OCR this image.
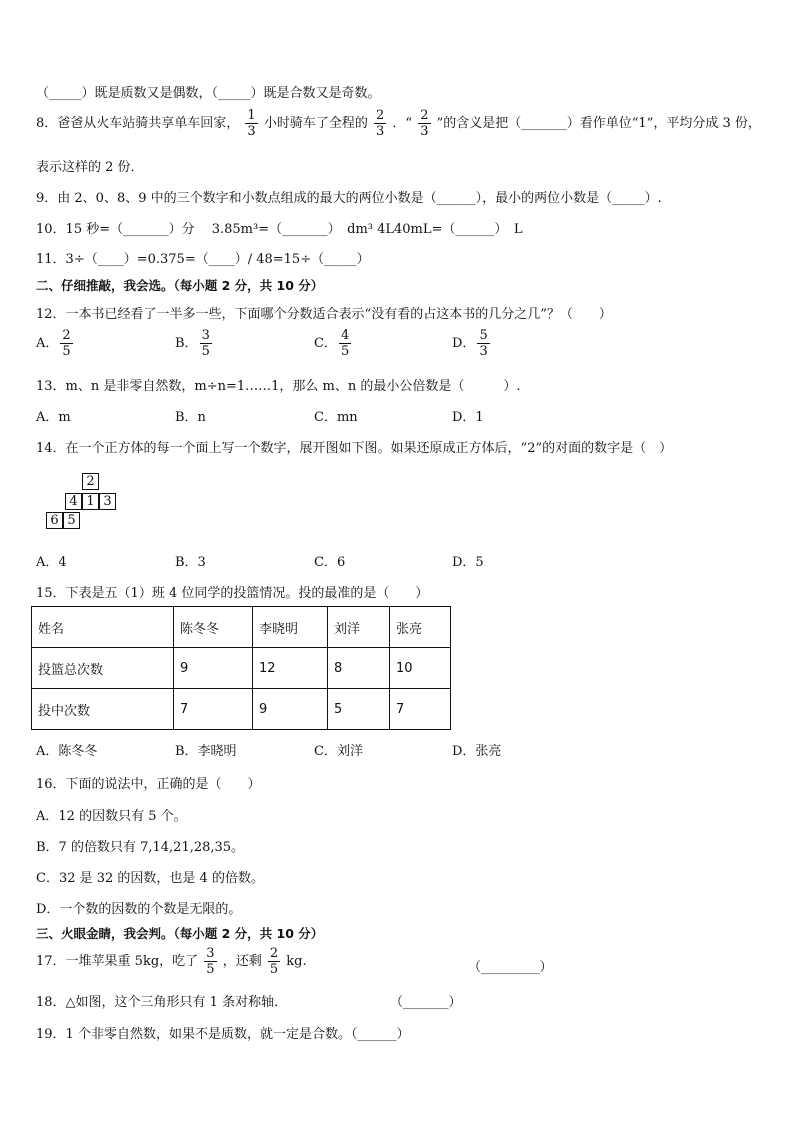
（_____）既是质数又是偶数，（_____）既是合数又是奇数。
8．爸爸从火车站骑共享单车回家， $\frac{1}{3}$ 小时骑车了全程的 $\frac{2}{3}$ ．“ $\frac{2}{3}$ ”的含义是把（_______）看作单位“1”，平均分成 3 份，
表示这样的 2 份．
9．由 2、0、8、9 中的三个数字和小数点组成的最大的两位小数是（______），最小的两位小数是（_____）.
10．15 秒=（_______）分　 3.85m³=（_______）　dm³ 4L40mL=（______）　L
11．3÷（____）=0.375=（____）/ 48=15÷（_____）
二、仔细推敲，我会选。（每小题 2 分，共 10 分）
12．一本书已经看了一半多一些，下面哪个分数适合表示“没有看的占这本书的几分之几”？（　　）
A． $\frac{2}{5}$	B． $\frac{3}{5}$	C． $\frac{4}{5}$	D． $\frac{5}{3}$
13．m、n 是非零自然数，m÷n=1……1，那么 m、n 的最小公倍数是（　　　）.
A．m	B．n	C．mn	D．1
14．在一个正方体的每一个面上写一个数字，展开图如下图。如果还原成正方体后，“2”的对面的数字是（　）
2
4 1 3
6 5
A．4	B．3	C．6	D．5
15．下表是五（1）班 4 位同学的投篮情况。投的最准的是（　　）
姓名	陈冬冬	李晓明	刘洋	张亮
投篮总次数	9	12	8	10
投中次数	7	9	5	7
A．陈冬冬	B．李晓明	C．刘洋	D．张亮
16．下面的说法中，正确的是（　　）
A．12 的因数只有 5 个。
B．7 的倍数只有 7,14,21,28,35。
C．32 是 32 的因数，也是 4 的倍数。
D．一个数的因数的个数是无限的。
三、火眼金睛，我会判。（每小题 2 分，共 10 分）
17．一堆苹果重 5kg，吃了 $\frac{3}{5}$ ，还剩 $\frac{2}{5}$ kg.	（_________）
18．△如图，这个三角形只有 1 条对称轴．	（_______）
19．1 个非零自然数，如果不是质数，就一定是合数。（______）
